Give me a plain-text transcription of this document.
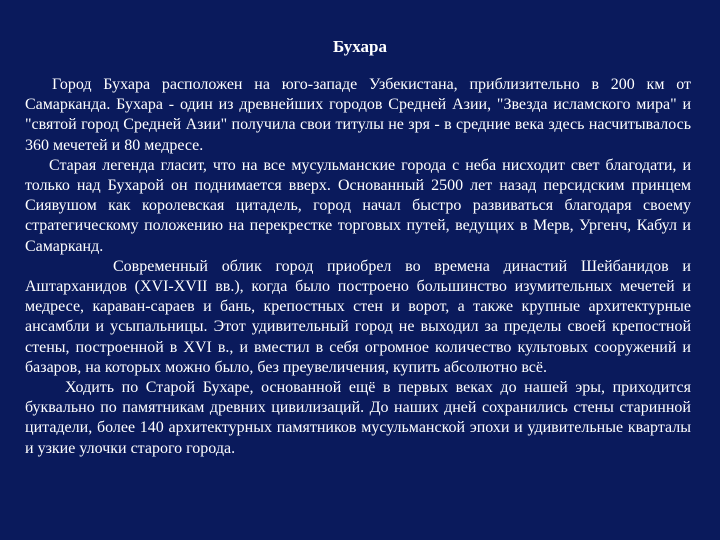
Бухара

Город Бухара расположен на юго-западе Узбекистана, приблизительно в 200 км от Самарканда. Бухара - один из древнейших городов Средней Азии, "Звезда исламского мира" и "святой город Средней Азии" получила свои титулы не зря - в средние века здесь насчитывалось 360 мечетей и 80 медресе.

Старая легенда гласит, что на все мусульманские города с неба нисходит свет благодати, и только над Бухарой он поднимается вверх. Основанный 2500 лет назад персидским принцем Сиявушом как королевская цитадель, город начал быстро развиваться благодаря своему стратегическому положению на перекрестке торговых путей, ведущих в Мерв, Ургенч, Кабул и Самарканд.

Современный облик город приобрел во времена династий Шейбанидов и Аштарханидов (XVI-XVII вв.), когда было построено большинство изумительных мечетей и медресе, караван-сараев и бань, крепостных стен и ворот, а также крупные архитектурные ансамбли и усыпальницы. Этот удивительный город не выходил за пределы своей крепостной стены, построенной в XVI в., и вместил в себя огромное количество культовых сооружений и базаров, на которых можно было, без преувеличения, купить абсолютно всё.

Ходить по Старой Бухаре, основанной ещё в первых веках до нашей эры, приходится буквально по памятникам древних цивилизаций. До наших дней сохранились стены старинной цитадели, более 140 архитектурных памятников мусульманской эпохи и удивительные кварталы и узкие улочки старого города.
